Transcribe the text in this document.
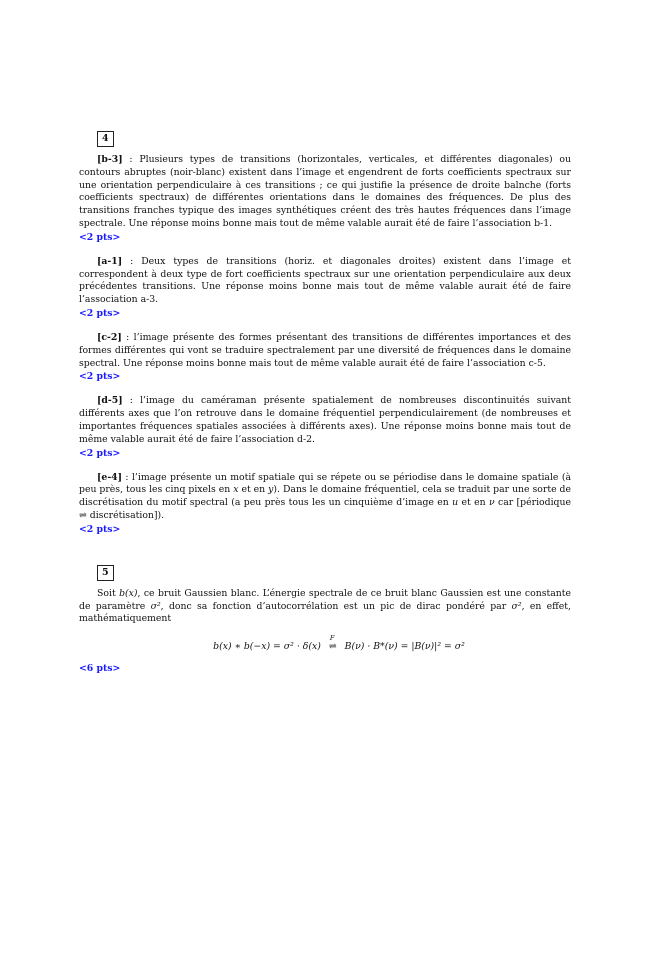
4

[b-3] : Plusieurs types de transitions (horizontales, verticales, et différentes diagonales) ou contours abruptes (noir-blanc) existent dans l’image et engendrent de forts coefficients spectraux sur une orientation perpendiculaire à ces transitions ; ce qui justifie la présence de droite balnche (forts coefficients spectraux) de différentes orientations dans le domaines des fréquences. De plus des transitions franches typique des images synthétiques créent des très hautes fréquences dans l’image spectrale. Une réponse moins bonne mais tout de même valable aurait été de faire l’association b-1.

<2 pts>

[a-1] : Deux types de transitions (horiz. et diagonales droites) existent dans l’image et correspondent à deux type de fort coefficients spectraux sur une orientation perpendiculaire aux deux précédentes transitions. Une réponse moins bonne mais tout de même valable aurait été de faire l’association a-3.

<2 pts>

[c-2] : l’image présente des formes présentant des transitions de différentes importances et des formes différentes qui vont se traduire spectralement par une diversité de fréquences dans le domaine spectral. Une réponse moins bonne mais tout de même valable aurait été de faire l’association c-5.

<2 pts>

[d-5] : l’image du caméraman présente spatialement de nombreuses discontinuités suivant différents axes que l’on retrouve dans le domaine fréquentiel perpendiculairement (de nombreuses et importantes fréquences spatiales associées à différents axes). Une réponse moins bonne mais tout de même valable aurait été de faire l’association d-2.

<2 pts>

[e-4] : l’image présente un motif spatiale qui se répete ou se périodise dans le domaine spatiale (à peu près, tous les cinq pixels en x et en y). Dans le domaine fréquentiel, cela se traduit par une sorte de discrétisation du motif spectral (a peu près tous les un cinquième d’image en u et en ν car [périodique ⇌ discrétisation]).

<2 pts>
5

Soit b(x), ce bruit Gaussien blanc. L’énergie spectrale de ce bruit blanc Gaussien est une constante de paramètre σ², donc sa fonction d’autocorrélation est un pic de dirac pondéré par σ², en effet, mathématiquement

b(x) ∗ b(−x) = σ² · δ(x)
F
⇌ B(ν) · B*(ν) = |B(ν)|² = σ²
<6 pts>
